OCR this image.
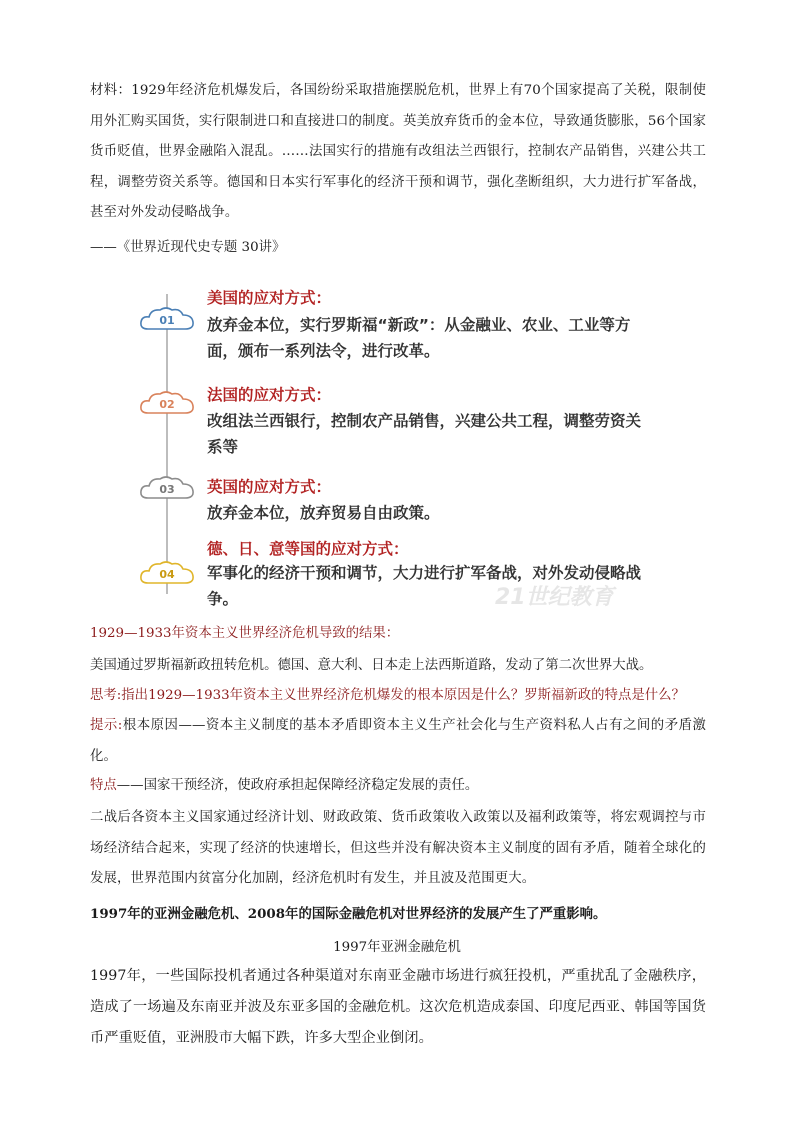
材料：1929年经济危机爆发后，各国纷纷采取措施摆脱危机，世界上有70个国家提高了关税，限制使用外汇购买国货，实行限制进口和直接进口的制度。英美放弃货币的金本位，导致通货膨胀，56个国家货币贬值，世界金融陷入混乱。……法国实行的措施有改组法兰西银行，控制农产品销售，兴建公共工程，调整劳资关系等。德国和日本实行军事化的经济干预和调节，强化垄断组织，大力进行扩军备战，甚至对外发动侵略战争。

——《世界近现代史专题 30讲》

21世纪教育
01

美国的应对方式：

放弃金本位，实行罗斯福“新政”：从金融业、农业、工业等方面，颁布一系列法令，进行改革。

02

法国的应对方式：

改组法兰西银行，控制农产品销售，兴建公共工程，调整劳资关系等

03	英国的应对方式：

放弃金本位，放弃贸易自由政策。

04

德、日、意等国的应对方式：

军事化的经济干预和调节，大力进行扩军备战，对外发动侵略战争。

1929—1933年资本主义世界经济危机导致的结果：

美国通过罗斯福新政扭转危机。德国、意大利、日本走上法西斯道路，发动了第二次世界大战。

思考:指出1929—1933年资本主义世界经济危机爆发的根本原因是什么？罗斯福新政的特点是什么？

提示:根本原因——资本主义制度的基本矛盾即资本主义生产社会化与生产资料私人占有之间的矛盾激化。

特点——国家干预经济，使政府承担起保障经济稳定发展的责任。

二战后各资本主义国家通过经济计划、财政政策、货币政策收入政策以及福利政策等，将宏观调控与市场经济结合起来，实现了经济的快速增长，但这些并没有解决资本主义制度的固有矛盾，随着全球化的发展，世界范围内贫富分化加剧，经济危机时有发生，并且波及范围更大。

1997年的亚洲金融危机、2008年的国际金融危机对世界经济的发展产生了严重影响。

1997年亚洲金融危机

1997年，一些国际投机者通过各种渠道对东南亚金融市场进行疯狂投机，严重扰乱了金融秩序，造成了一场遍及东南亚并波及东亚多国的金融危机。这次危机造成泰国、印度尼西亚、韩国等国货币严重贬值，亚洲股市大幅下跌，许多大型企业倒闭。
